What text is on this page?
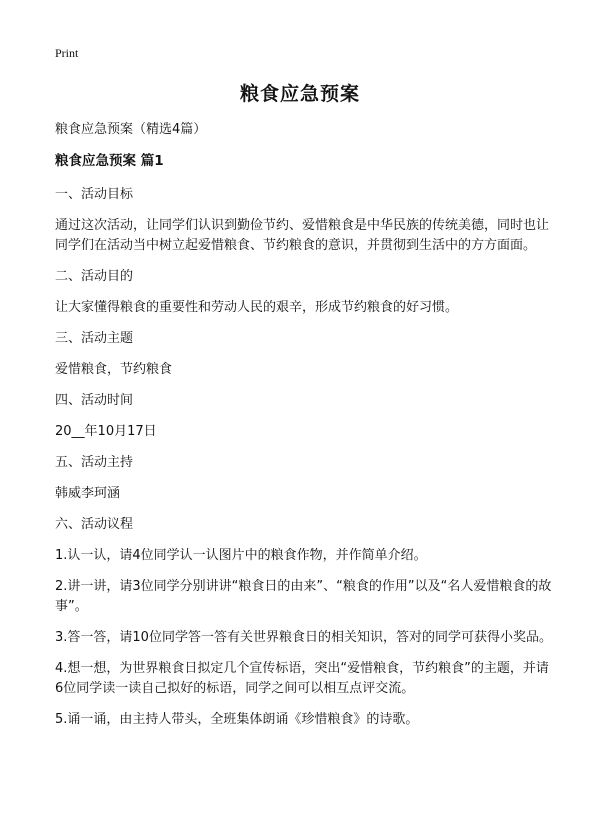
Print
粮食应急预案

粮食应急预案（精选4篇）

粮食应急预案 篇1

一、活动目标

通过这次活动，让同学们认识到勤俭节约、爱惜粮食是中华民族的传统美德，同时也让同学们在活动当中树立起爱惜粮食、节约粮食的意识，并贯彻到生活中的方方面面。

二、活动目的

让大家懂得粮食的重要性和劳动人民的艰辛，形成节约粮食的好习惯。

三、活动主题

爱惜粮食，节约粮食

四、活动时间

20__年10月17日

五、活动主持

韩威李珂涵

六、活动议程

1.认一认，请4位同学认一认图片中的粮食作物，并作简单介绍。

2.讲一讲，请3位同学分别讲讲“粮食日的由来”、“粮食的作用”以及“名人爱惜粮食的故事”。

3.答一答，请10位同学答一答有关世界粮食日的相关知识，答对的同学可获得小奖品。

4.想一想，为世界粮食日拟定几个宣传标语，突出“爱惜粮食，节约粮食”的主题，并请6位同学读一读自己拟好的标语，同学之间可以相互点评交流。

5.诵一诵，由主持人带头，全班集体朗诵《珍惜粮食》的诗歌。
